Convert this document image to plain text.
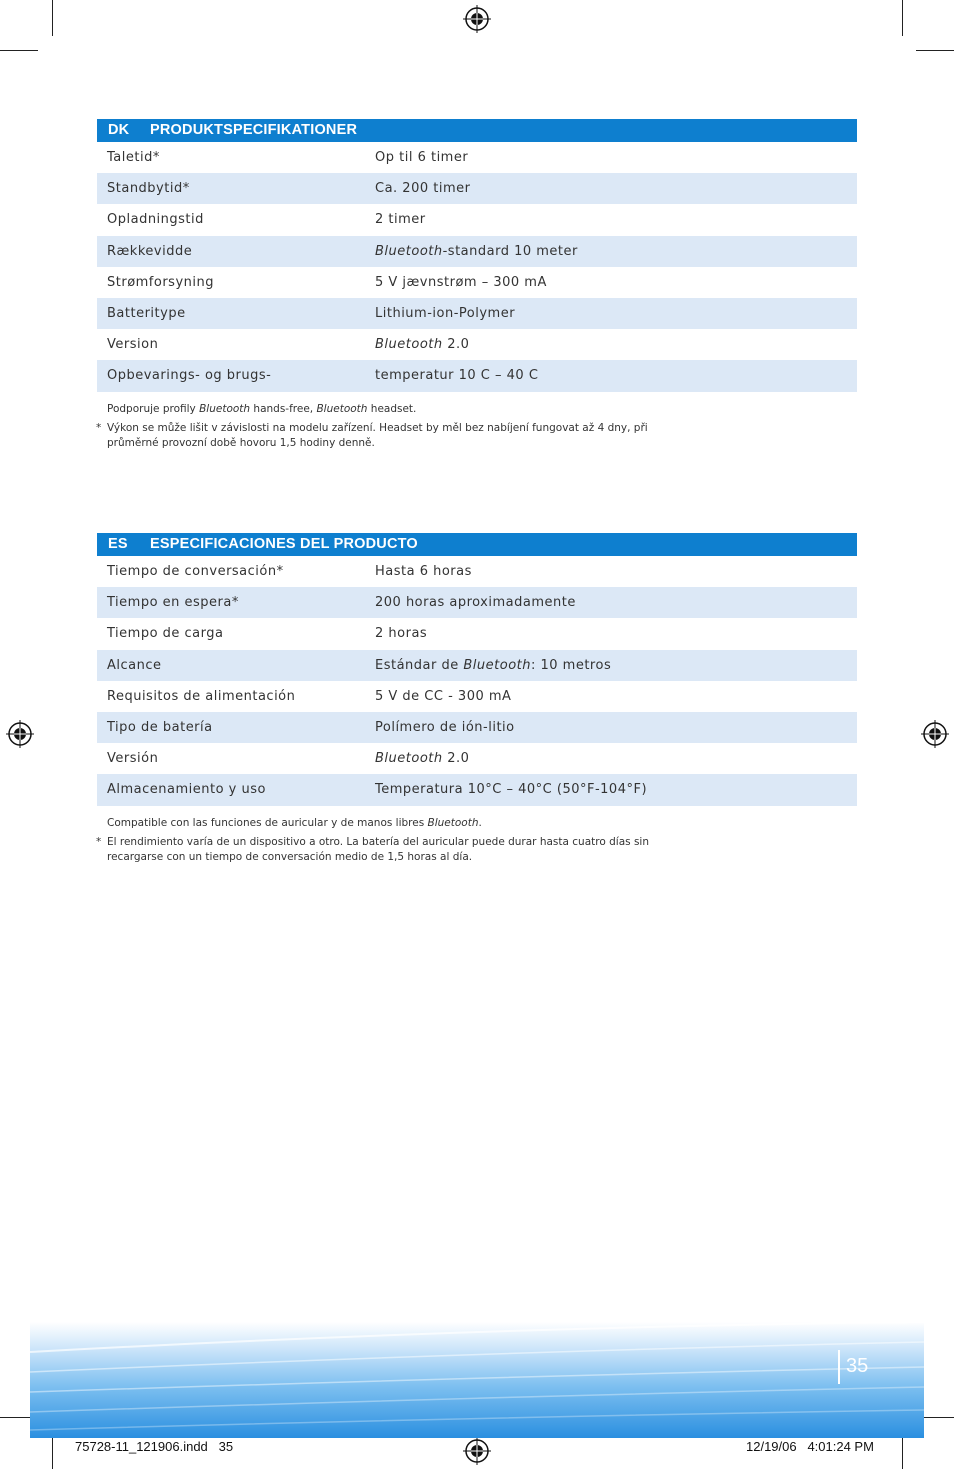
DK PRODUKTSPECIFIKATIONER
Taletid*	Op til 6 timer
Standbytid*	Ca. 200 timer
Opladningstid	2 timer
Rækkevidde	Bluetooth-standard 10 meter
Strømforsyning	5 V jævnstrøm – 300 mA
Batteritype	Lithium-ion-Polymer
Version	Bluetooth 2.0
Opbevarings- og brugs-	temperatur 10 C – 40 C
Podporuje profily Bluetooth hands-free, Bluetooth headset.
* Výkon se může lišit v závislosti na modelu zařízení. Headset by měl bez nabíjení fungovat až 4 dny, při
průměrné provozní době hovoru 1,5 hodiny denně.
ES ESPECIFICACIONES DEL PRODUCTO
Tiempo de conversación*	Hasta 6 horas
Tiempo en espera*	200 horas aproximadamente
Tiempo de carga	2 horas
Alcance	Estándar de Bluetooth: 10 metros
Requisitos de alimentación	5 V de CC - 300 mA
Tipo de batería	Polímero de ión-litio
Versión	Bluetooth 2.0
Almacenamiento y uso	Temperatura 10°C – 40°C (50°F-104°F)
Compatible con las funciones de auricular y de manos libres Bluetooth.
* El rendimiento varía de un dispositivo a otro. La batería del auricular puede durar hasta cuatro días sin
recargarse con un tiempo de conversación medio de 1,5 horas al día.
35
75728-11_121906.indd   35	12/19/06   4:01:24 PM
